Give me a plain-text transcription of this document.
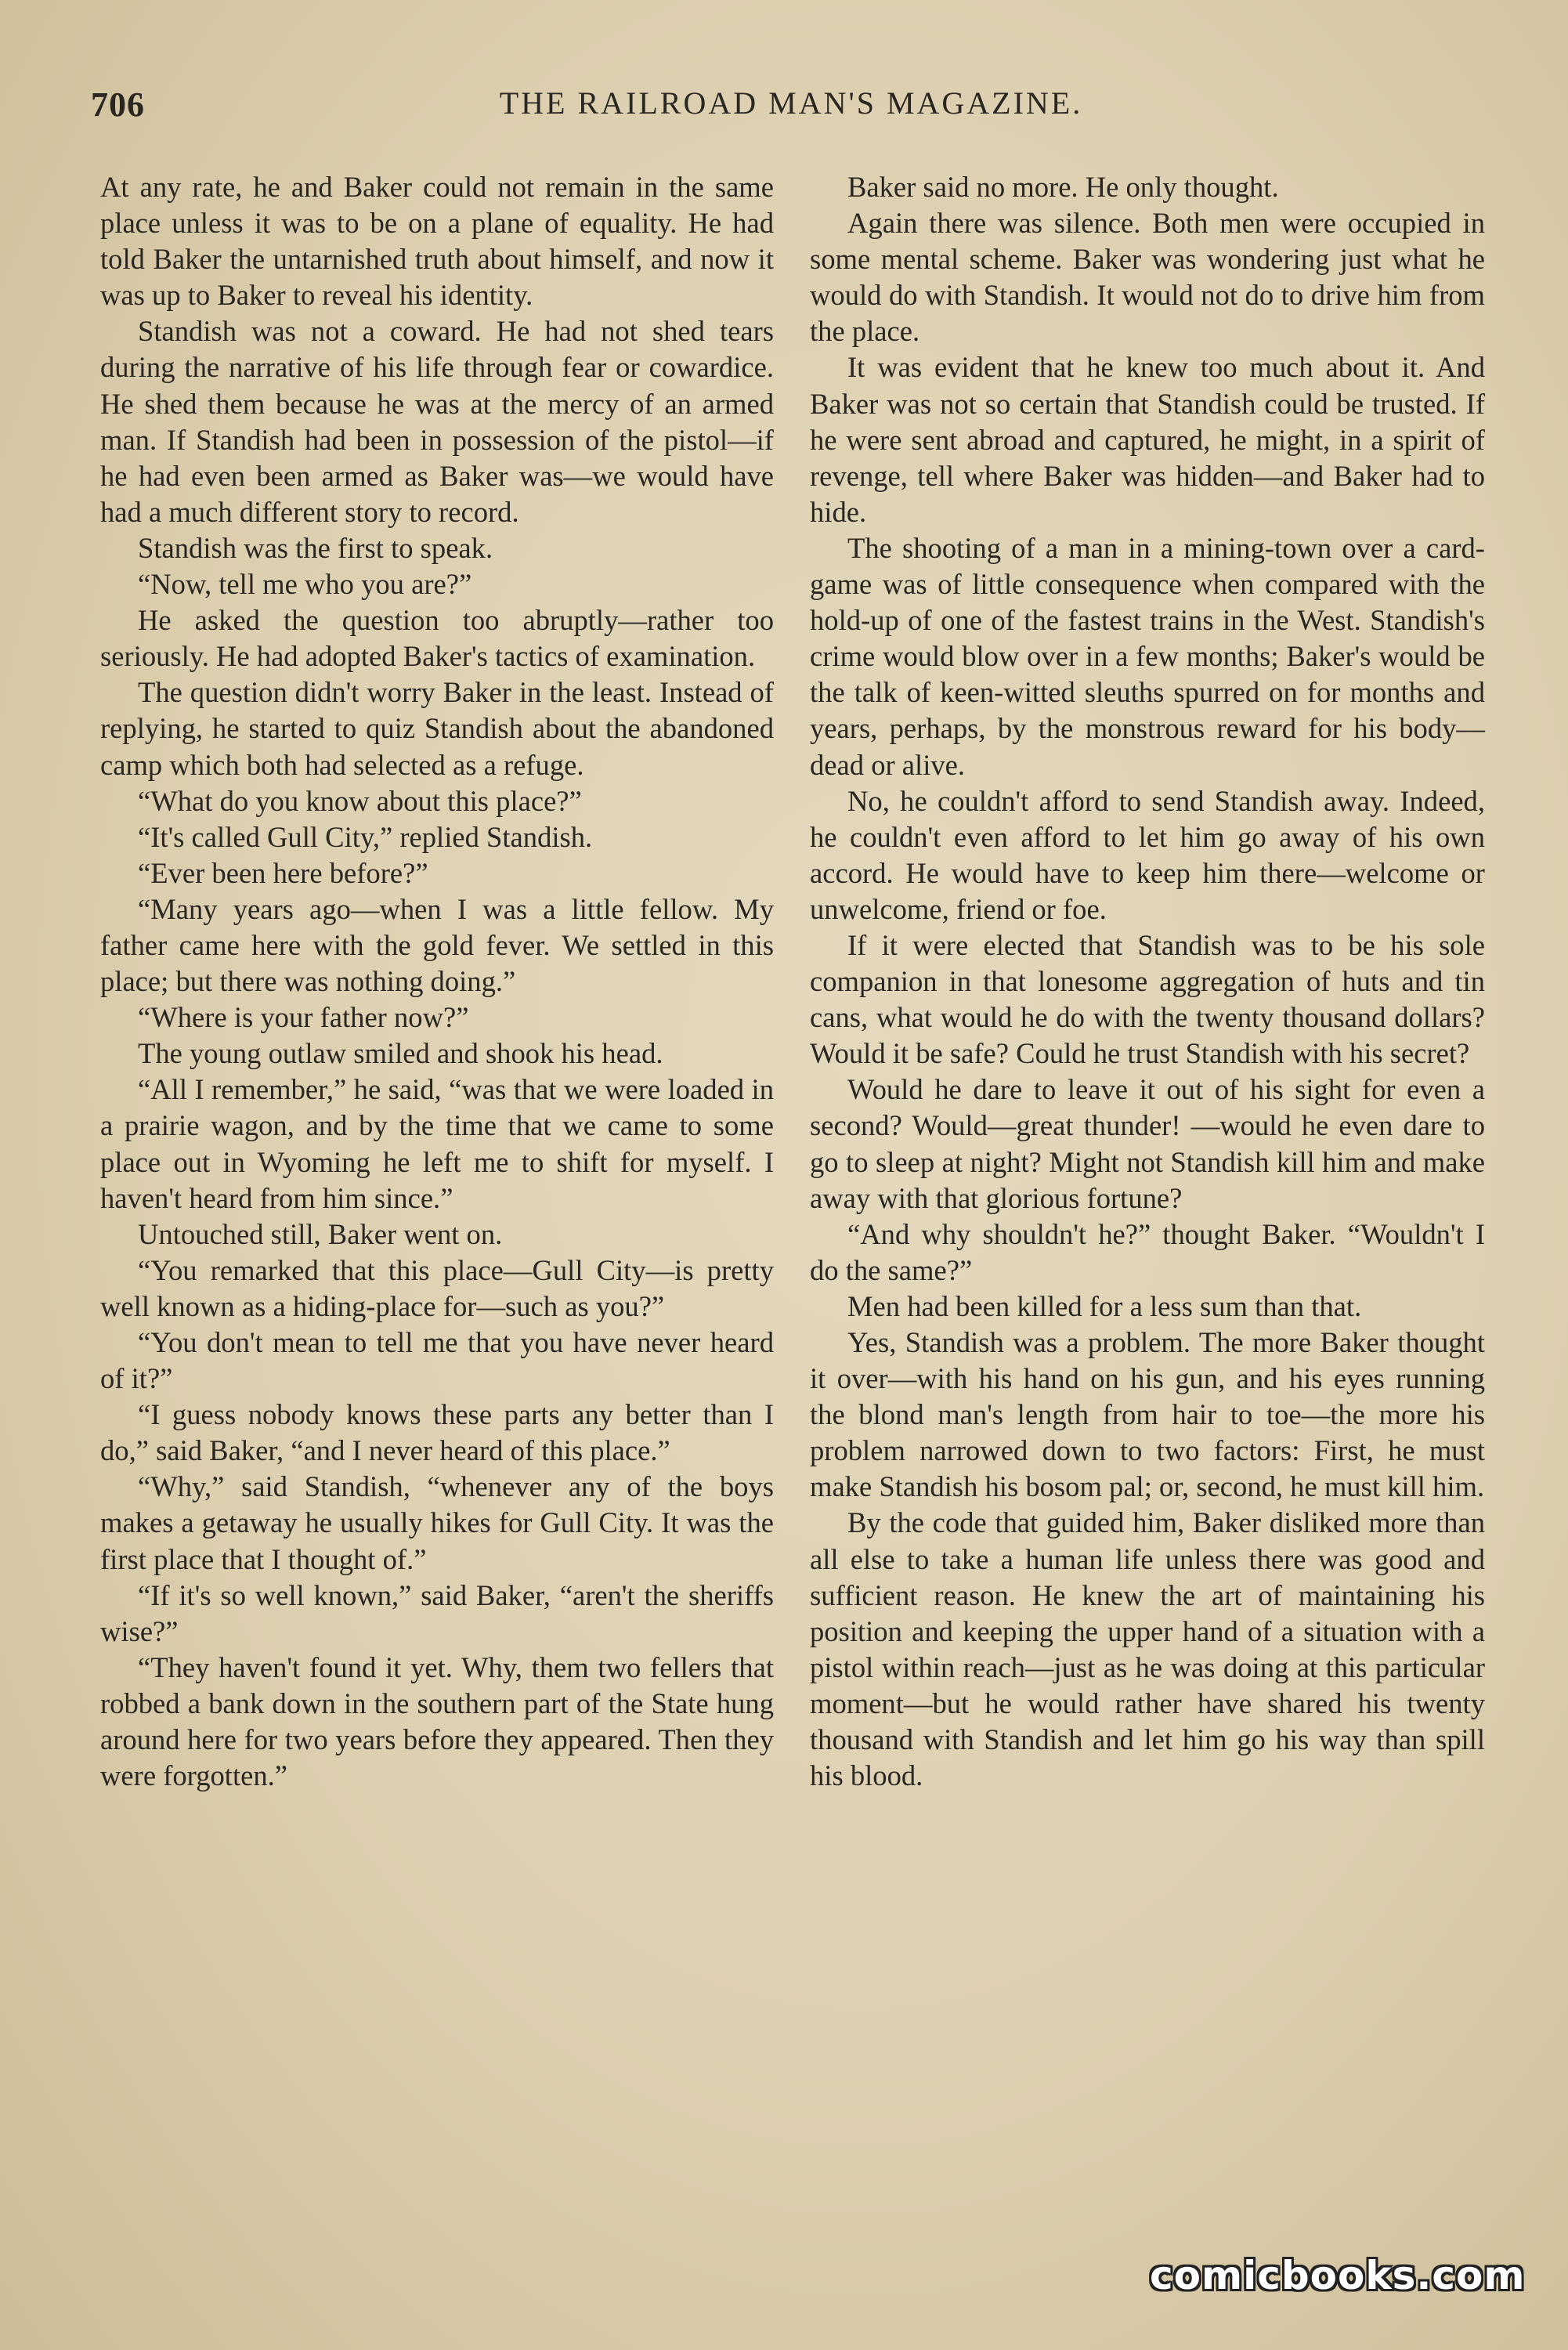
THE RAILROAD MAN'S MAGAZINE.
706

At any rate, he and Baker could not remain in the same place unless it was to be on a plane of equality. He had told Baker the untarnished truth about himself, and now it was up to Baker to reveal his identity.

Standish was not a coward. He had not shed tears during the narrative of his life through fear or cowardice. He shed them because he was at the mercy of an armed man. If Standish had been in possession of the pistol—if he had even been armed as Baker was—we would have had a much different story to record.

Standish was the first to speak.

“Now, tell me who you are?”

He asked the question too abruptly—rather too seriously. He had adopted Baker's tactics of examination.

The question didn't worry Baker in the least. Instead of replying, he started to quiz Standish about the abandoned camp which both had selected as a refuge.

“What do you know about this place?”

“It's called Gull City,” replied Standish.

“Ever been here before?”

“Many years ago—when I was a little fellow. My father came here with the gold fever. We settled in this place; but there was nothing doing.”

“Where is your father now?”

The young outlaw smiled and shook his head.

“All I remember,” he said, “was that we were loaded in a prairie wagon, and by the time that we came to some place out in Wyoming he left me to shift for myself. I haven't heard from him since.”

Untouched still, Baker went on.

“You remarked that this place—Gull City—is pretty well known as a hiding-place for—such as you?”

“You don't mean to tell me that you have never heard of it?”

“I guess nobody knows these parts any better than I do,” said Baker, “and I never heard of this place.”

“Why,” said Standish, “whenever any of the boys makes a getaway he usually hikes for Gull City. It was the first place that I thought of.”

“If it's so well known,” said Baker, “aren't the sheriffs wise?”

“They haven't found it yet. Why, them two fellers that robbed a bank down in the southern part of the State hung around here for two years before they appeared. Then they were forgotten.”

Baker said no more. He only thought.

Again there was silence. Both men were occupied in some mental scheme. Baker was wondering just what he would do with Standish. It would not do to drive him from the place.

It was evident that he knew too much about it. And Baker was not so certain that Standish could be trusted. If he were sent abroad and captured, he might, in a spirit of revenge, tell where Baker was hidden—and Baker had to hide.

The shooting of a man in a mining-town over a card-game was of little consequence when compared with the hold-up of one of the fastest trains in the West. Standish's crime would blow over in a few months; Baker's would be the talk of keen-witted sleuths spurred on for months and years, perhaps, by the monstrous reward for his body—dead or alive.

No, he couldn't afford to send Standish away. Indeed, he couldn't even afford to let him go away of his own accord. He would have to keep him there—welcome or unwelcome, friend or foe.

If it were elected that Standish was to be his sole companion in that lonesome aggregation of huts and tin cans, what would he do with the twenty thousand dollars? Would it be safe? Could he trust Standish with his secret?

Would he dare to leave it out of his sight for even a second? Would—great thunder! —would he even dare to go to sleep at night? Might not Standish kill him and make away with that glorious fortune?

“And why shouldn't he?” thought Baker. “Wouldn't I do the same?”

Men had been killed for a less sum than that.

Yes, Standish was a problem. The more Baker thought it over—with his hand on his gun, and his eyes running the blond man's length from hair to toe—the more his problem narrowed down to two factors: First, he must make Standish his bosom pal; or, second, he must kill him.

By the code that guided him, Baker disliked more than all else to take a human life unless there was good and sufficient reason. He knew the art of maintaining his position and keeping the upper hand of a situation with a pistol within reach—just as he was doing at this particular moment—but he would rather have shared his twenty thousand with Standish and let him go his way than spill his blood.

comicbooks.com
